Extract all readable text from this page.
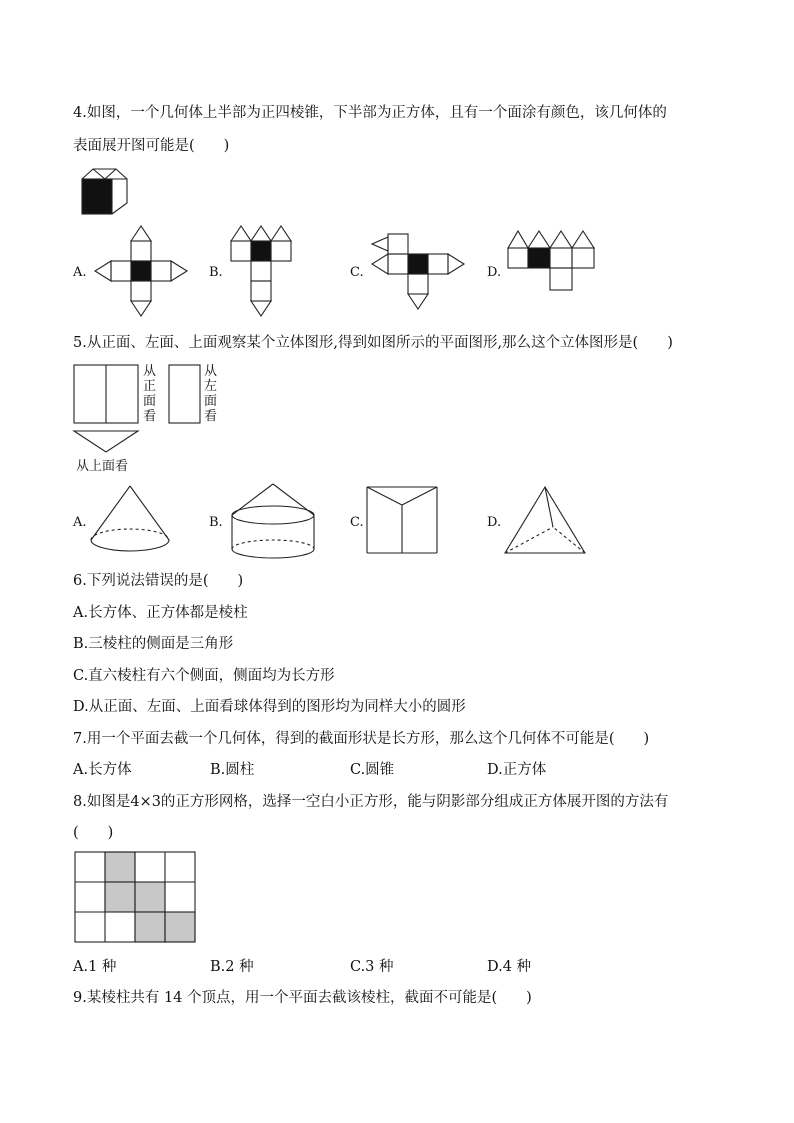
4.如图，一个几何体上半部为正四棱锥，下半部为正方体，且有一个面涂有颜色，该几何体的
表面展开图可能是(　　)
A.	B.	C.	D.
5.从正面、左面、上面观察某个立体图形,得到如图所示的平面图形,那么这个立体图形是(　　)
从
正
面
看
从
左
面
看
从上面看
A.	B.	C.	D.
6.下列说法错误的是(　　)
A.长方体、正方体都是棱柱
B.三棱柱的侧面是三角形
C.直六棱柱有六个侧面，侧面均为长方形
D.从正面、左面、上面看球体得到的图形均为同样大小的圆形
7.用一个平面去截一个几何体，得到的截面形状是长方形，那么这个几何体不可能是(　　)
A.长方体	B.圆柱	C.圆锥	D.正方体
8.如图是4×3的正方形网格，选择一空白小正方形，能与阴影部分组成正方体展开图的方法有
(　　)
A.1 种	B.2 种	C.3 种	D.4 种
9.某棱柱共有 14 个顶点，用一个平面去截该棱柱，截面不可能是(　　)
